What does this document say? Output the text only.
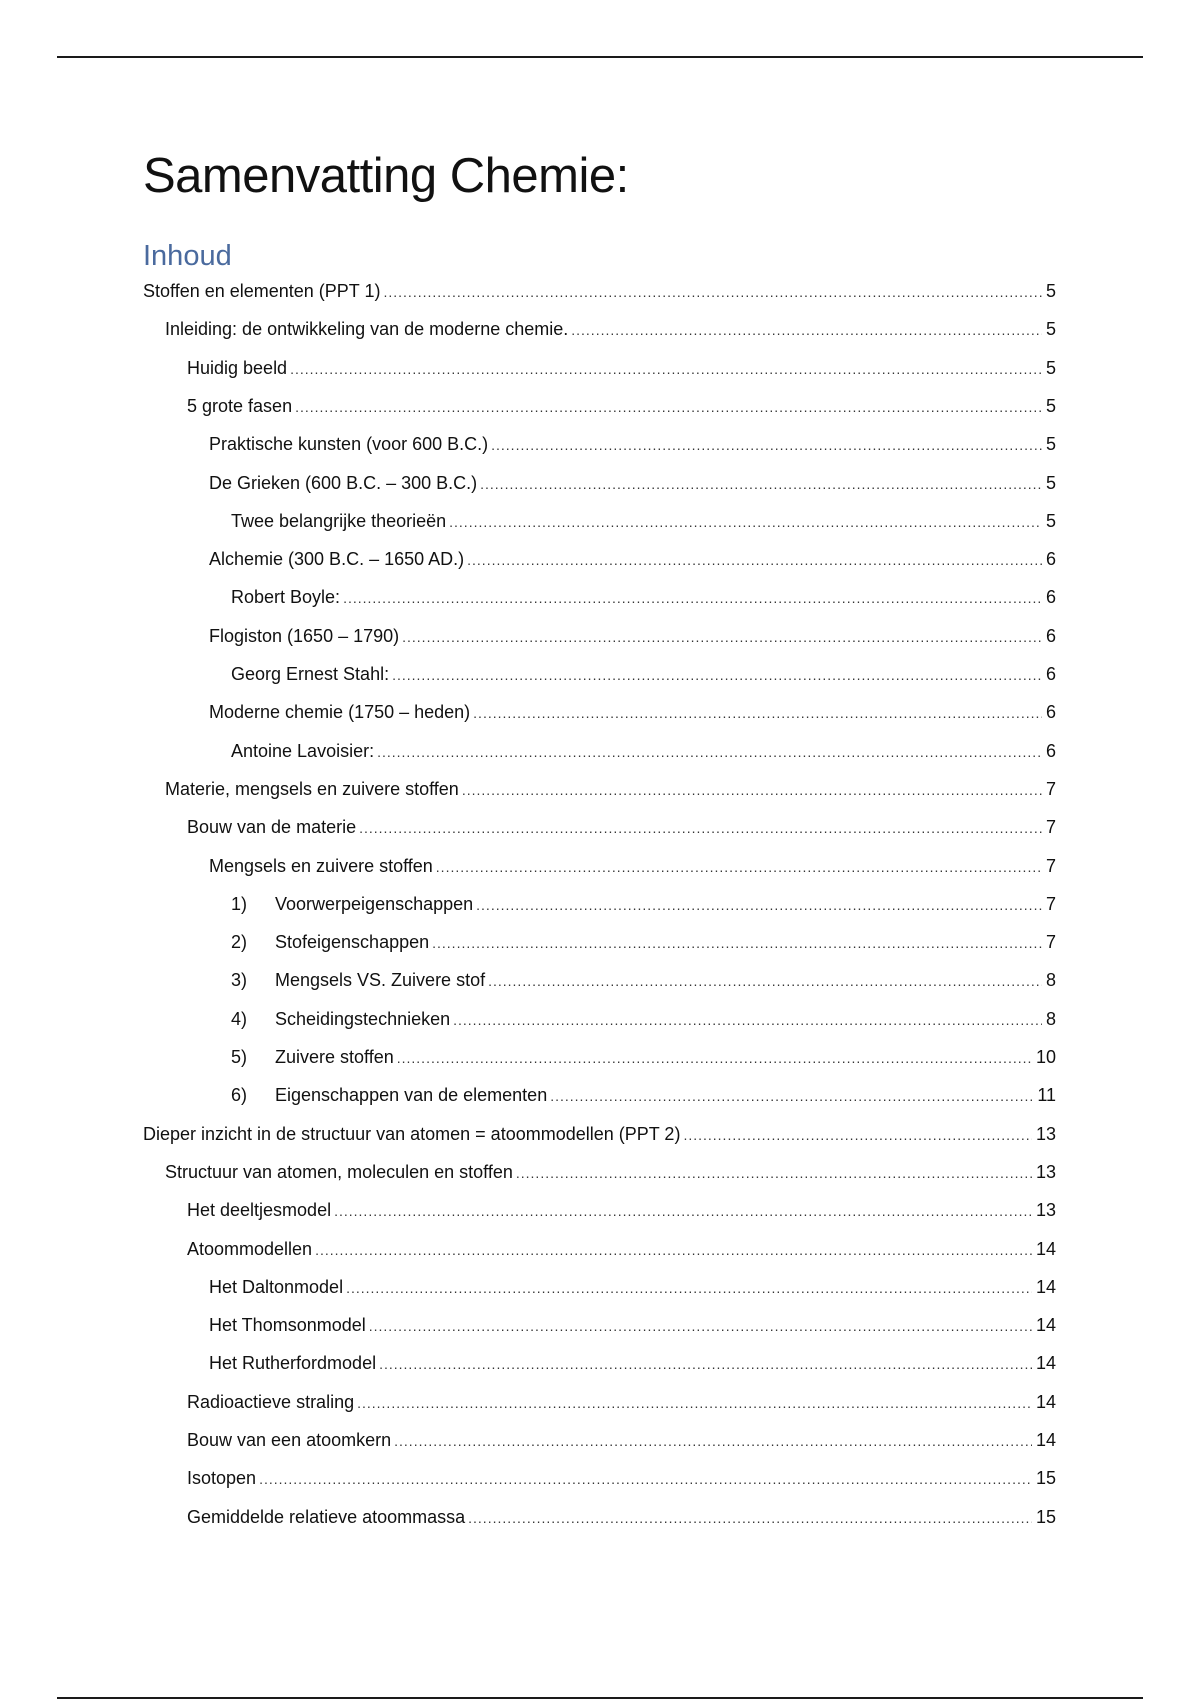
Samenvatting Chemie:
Inhoud
Stoffen en elementen (PPT 1) .....	5
Inleiding: de ontwikkeling van de moderne chemie. .....	5
Huidig beeld .....	5
5 grote fasen .....	5
Praktische kunsten (voor 600 B.C.) .....	5
De Grieken (600 B.C. – 300 B.C.) .....	5
Twee belangrijke theorieën .....	5
Alchemie (300 B.C. – 1650 AD.) .....	6
Robert Boyle: .....	6
Flogiston (1650 – 1790) .....	6
Georg Ernest Stahl: .....	6
Moderne chemie (1750 – heden) .....	6
Antoine Lavoisier: .....	6
Materie, mengsels en zuivere stoffen .....	7
Bouw van de materie .....	7
Mengsels en zuivere stoffen .....	7
1)	Voorwerpeigenschappen .....	7
2)	Stofeigenschappen .....	7
3)	Mengsels VS. Zuivere stof .....	8
4)	Scheidingstechnieken .....	8
5)	Zuivere stoffen .....	10
6)	Eigenschappen van de elementen .....	11
Dieper inzicht in de structuur van atomen = atoommodellen (PPT 2) .....	13
Structuur van atomen, moleculen en stoffen .....	13
Het deeltjesmodel .....	13
Atoommodellen .....	14
Het Daltonmodel .....	14
Het Thomsonmodel .....	14
Het Rutherfordmodel .....	14
Radioactieve straling .....	14
Bouw van een atoomkern .....	14
Isotopen .....	15
Gemiddelde relatieve atoommassa .....	15
